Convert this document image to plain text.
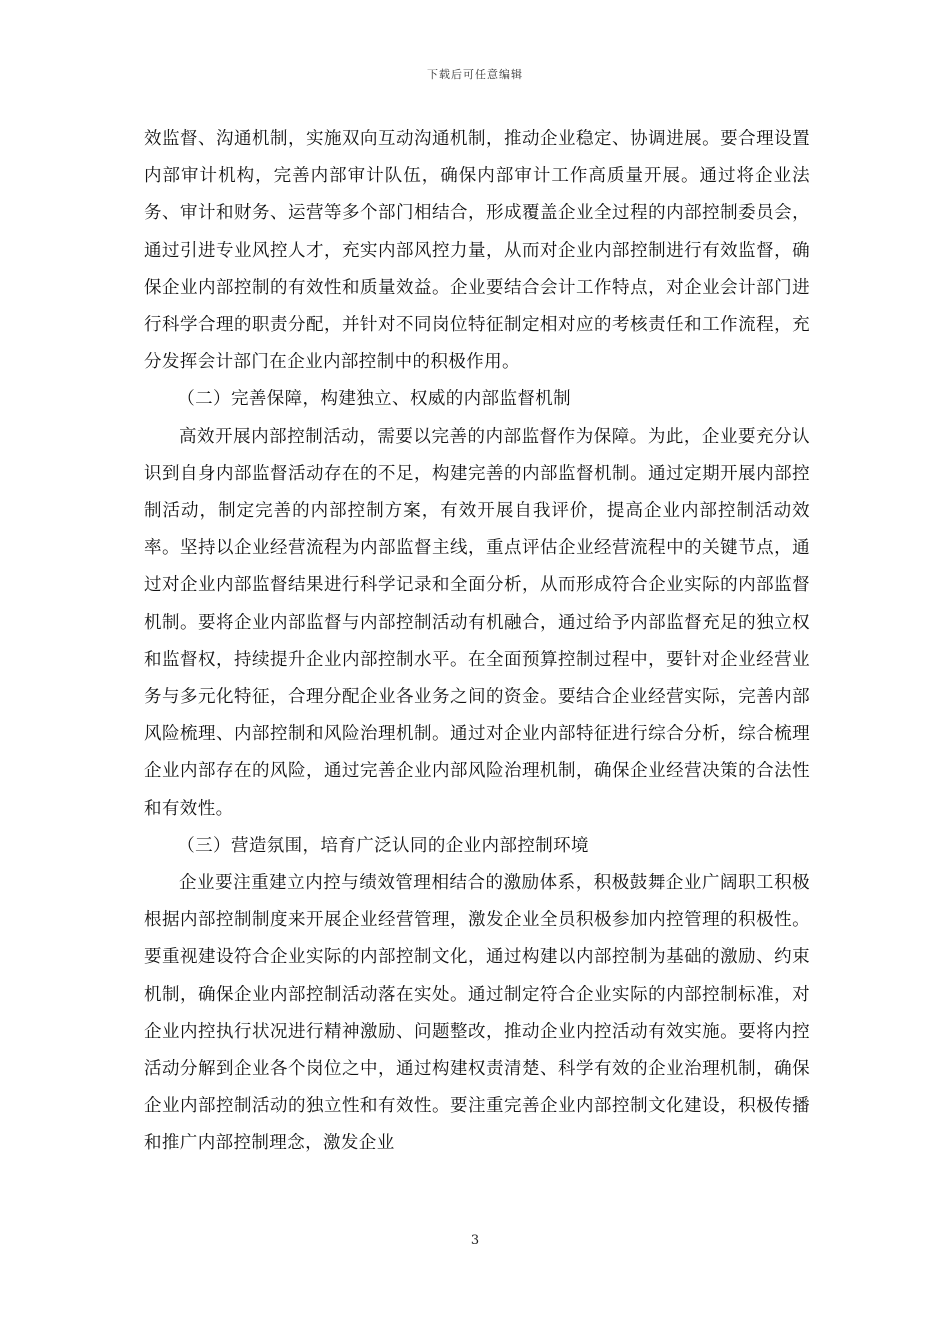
下载后可任意编辑

效监督、沟通机制，实施双向互动沟通机制，推动企业稳定、协调进展。要合理设置内部审计机构，完善内部审计队伍，确保内部审计工作高质量开展。通过将企业法务、审计和财务、运营等多个部门相结合，形成覆盖企业全过程的内部控制委员会，通过引进专业风控人才，充实内部风控力量，从而对企业内部控制进行有效监督，确保企业内部控制的有效性和质量效益。企业要结合会计工作特点，对企业会计部门进行科学合理的职责分配，并针对不同岗位特征制定相对应的考核责任和工作流程，充分发挥会计部门在企业内部控制中的积极作用。

（二）完善保障，构建独立、权威的内部监督机制

高效开展内部控制活动，需要以完善的内部监督作为保障。为此，企业要充分认识到自身内部监督活动存在的不足，构建完善的内部监督机制。通过定期开展内部控制活动，制定完善的内部控制方案，有效开展自我评价，提高企业内部控制活动效率。坚持以企业经营流程为内部监督主线，重点评估企业经营流程中的关键节点，通过对企业内部监督结果进行科学记录和全面分析，从而形成符合企业实际的内部监督机制。要将企业内部监督与内部控制活动有机融合，通过给予内部监督充足的独立权和监督权，持续提升企业内部控制水平。在全面预算控制过程中，要针对企业经营业务与多元化特征，合理分配企业各业务之间的资金。要结合企业经营实际，完善内部风险梳理、内部控制和风险治理机制。通过对企业内部特征进行综合分析，综合梳理企业内部存在的风险，通过完善企业内部风险治理机制，确保企业经营决策的合法性和有效性。

（三）营造氛围，培育广泛认同的企业内部控制环境

企业要注重建立内控与绩效管理相结合的激励体系，积极鼓舞企业广阔职工积极根据内部控制制度来开展企业经营管理，激发企业全员积极参加内控管理的积极性。要重视建设符合企业实际的内部控制文化，通过构建以内部控制为基础的激励、约束机制，确保企业内部控制活动落在实处。通过制定符合企业实际的内部控制标准，对企业内控执行状况进行精神激励、问题整改，推动企业内控活动有效实施。要将内控活动分解到企业各个岗位之中，通过构建权责清楚、科学有效的企业治理机制，确保企业内部控制活动的独立性和有效性。要注重完善企业内部控制文化建设，积极传播和推广内部控制理念，激发企业

3
